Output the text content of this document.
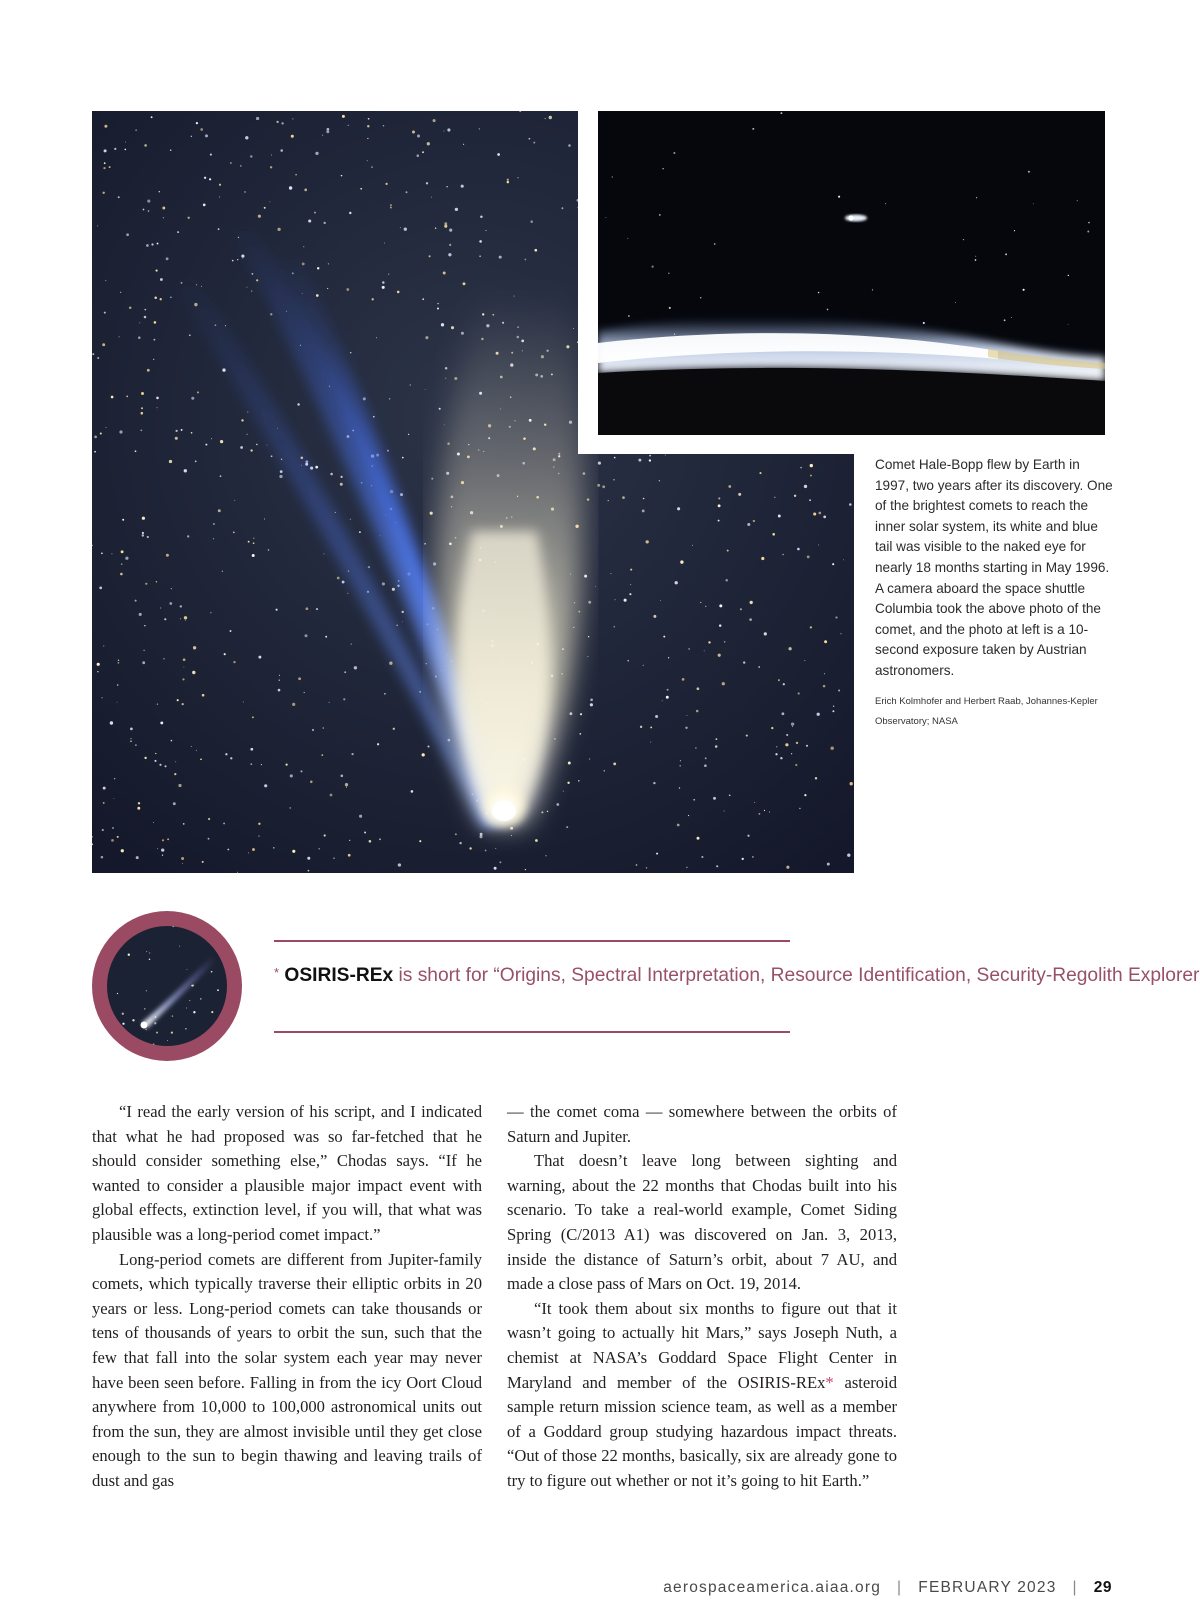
Comet Hale-Bopp flew by Earth in 1997, two years after its discovery. One of the brightest comets to reach the inner solar system, its white and blue tail was visible to the naked eye for nearly 18 months starting in May 1996. A camera aboard the space shuttle Columbia took the above photo of the comet, and the photo at left is a 10-second exposure taken by Austrian astronomers.

Erich Kolmhofer and Herbert Raab, Johannes-Kepler Observatory; NASA

* OSIRIS-REx is short for “Origins, Spectral Interpretation, Resource Identification, Security-Regolith Explorer

“I read the early version of his script, and I indicated that what he had proposed was so far-fetched that he should consider something else,” Chodas says. “If he wanted to consider a plausible major impact event with global effects, extinction level, if you will, that what was plausible was a long-period comet impact.”

Long-period comets are different from Jupiter-family comets, which typically traverse their elliptic orbits in 20 years or less. Long-period comets can take thousands or tens of thousands of years to orbit the sun, such that the few that fall into the solar system each year may never have been seen before. Falling in from the icy Oort Cloud anywhere from 10,000 to 100,000 astronomical units out from the sun, they are almost invisible until they get close enough to the sun to begin thawing and leaving trails of dust and gas

— the comet coma — somewhere between the orbits of Saturn and Jupiter.

That doesn’t leave long between sighting and warning, about the 22 months that Chodas built into his scenario. To take a real-world example, Comet Siding Spring (C/2013 A1) was discovered on Jan. 3, 2013, inside the distance of Saturn’s orbit, about 7 AU, and made a close pass of Mars on Oct. 19, 2014.

“It took them about six months to figure out that it wasn’t going to actually hit Mars,” says Joseph Nuth, a chemist at NASA’s Goddard Space Flight Center in Maryland and member of the OSIRIS-REx* asteroid sample return mission science team, as well as a member of a Goddard group studying hazardous impact threats. “Out of those 22 months, basically, six are already gone to try to figure out whether or not it’s going to hit Earth.”

aerospaceamerica.aiaa.org | FEBRUARY 2023 | 29
